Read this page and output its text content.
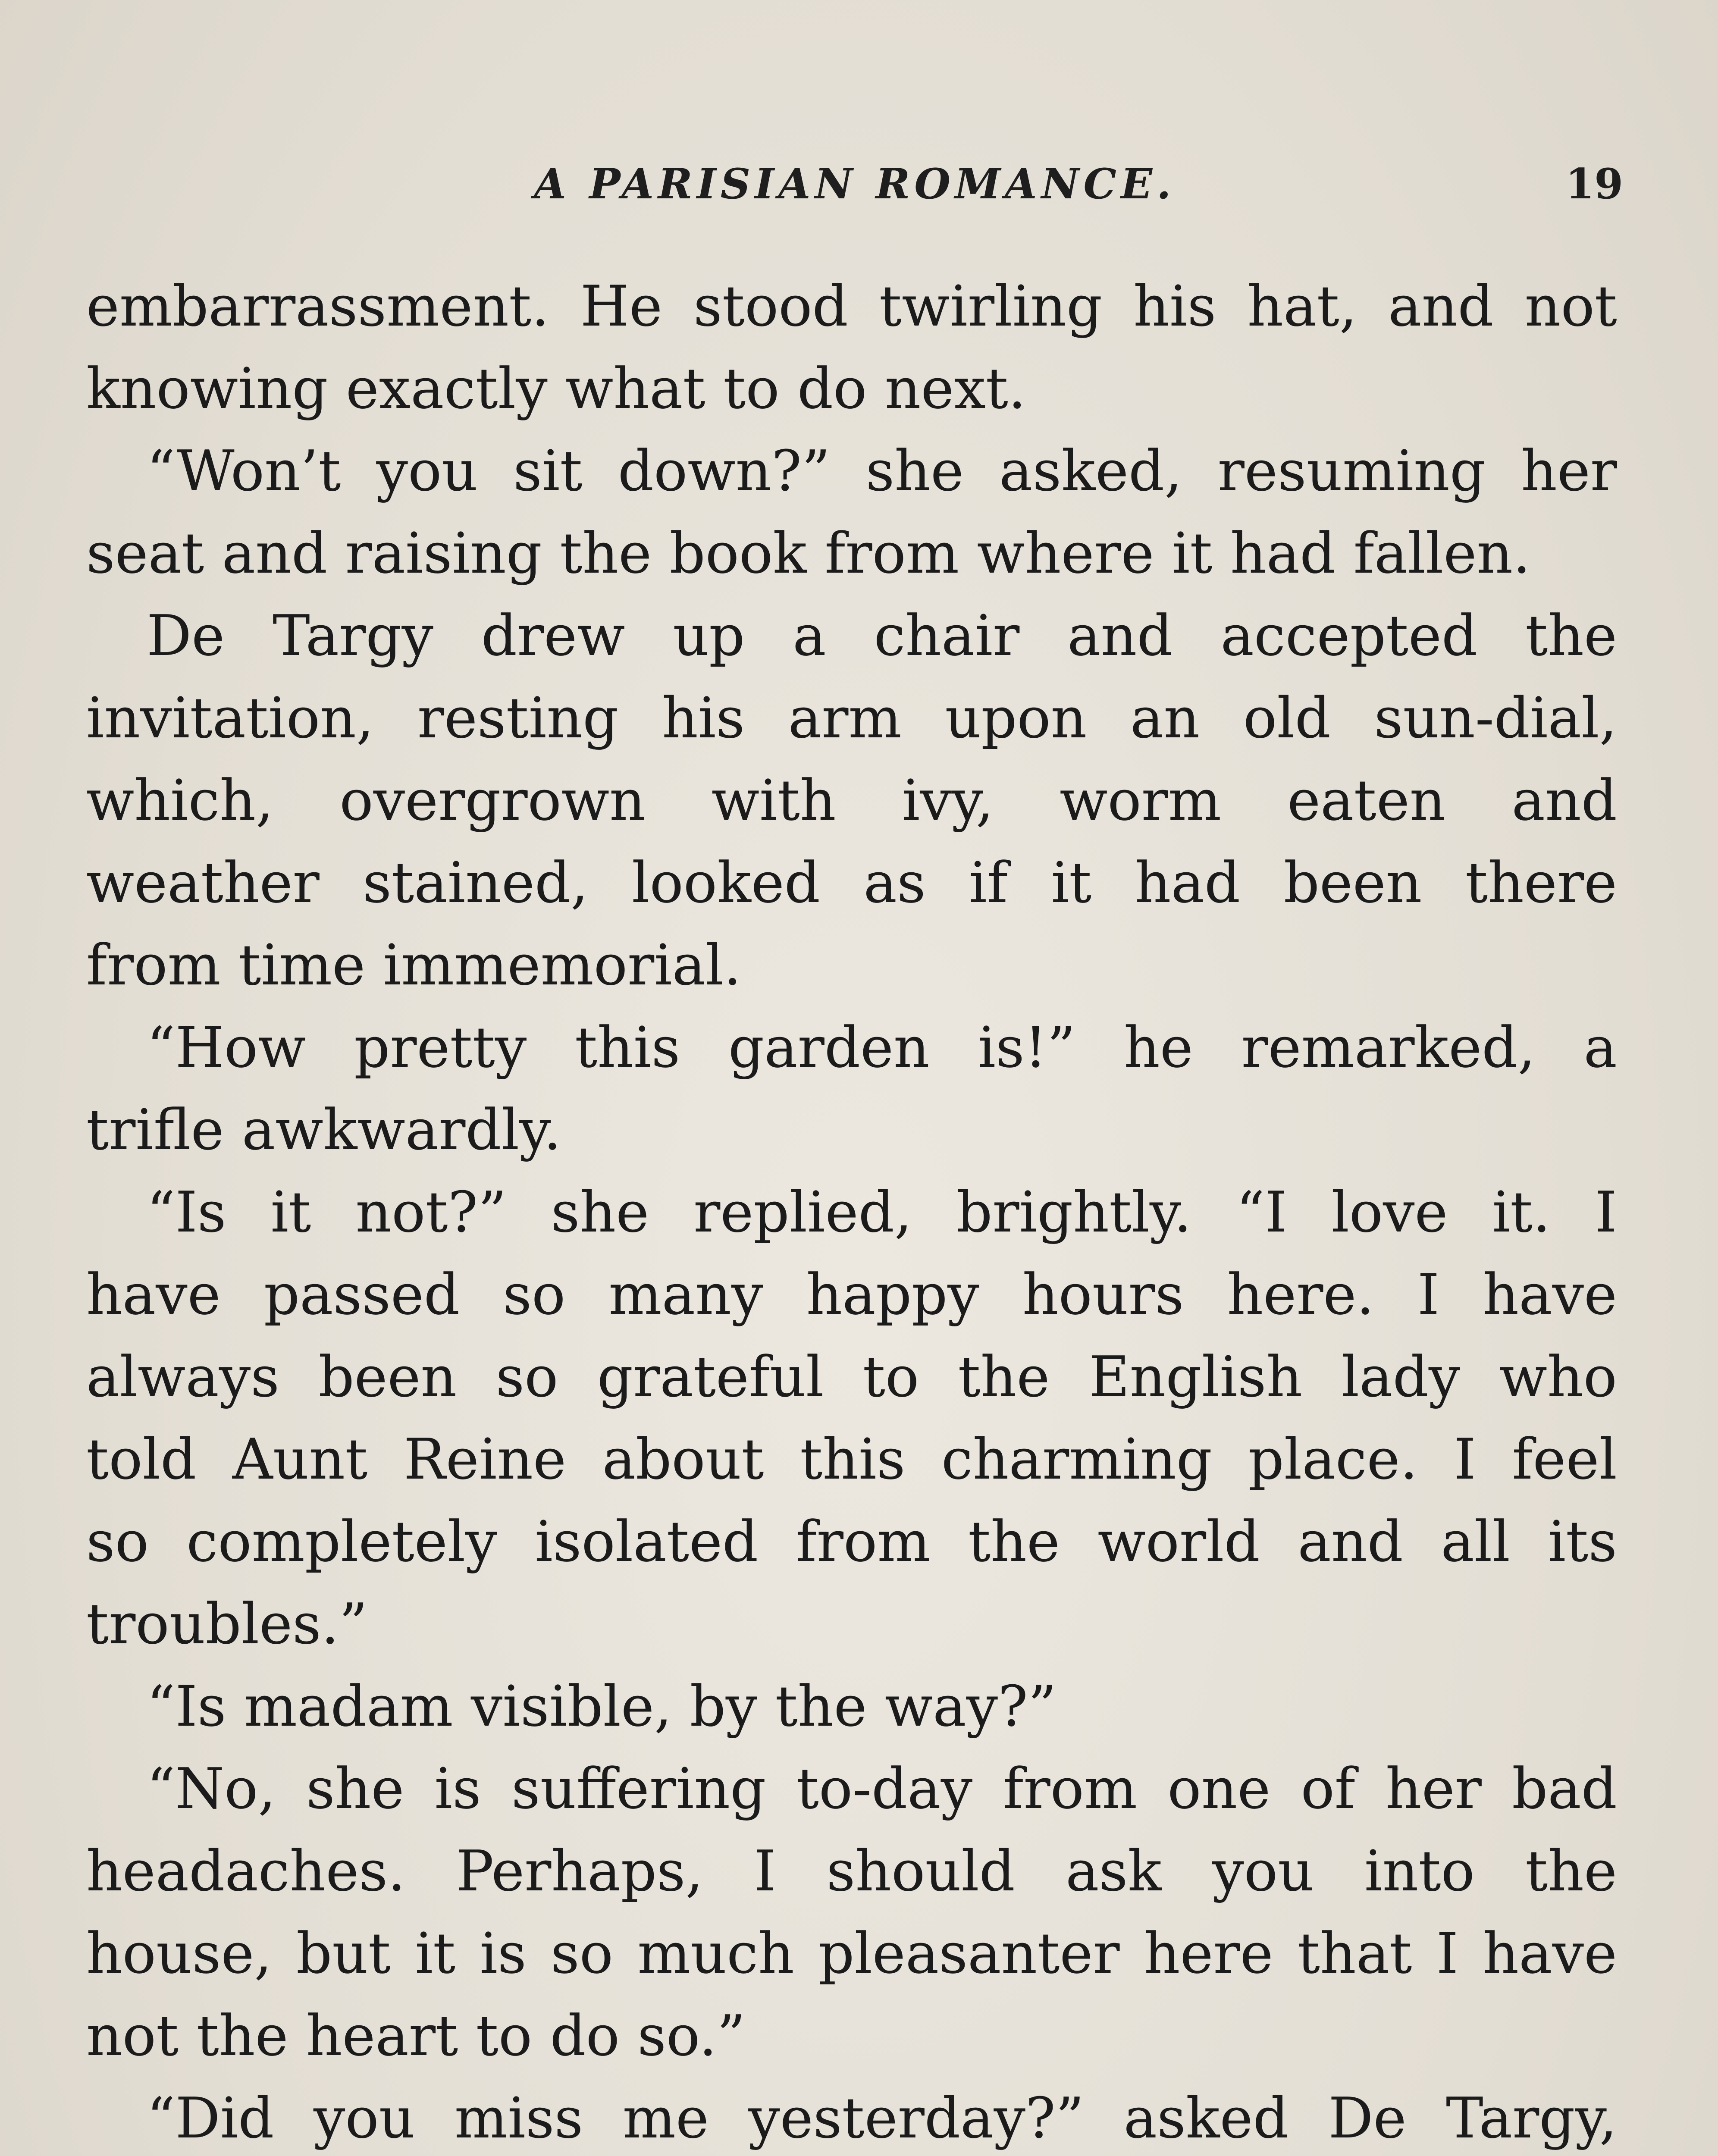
A PARISIAN ROMANCE.	19
embarrassment. He stood twirling his hat, and not
knowing exactly what to do next.
“Won’t you sit down?” she asked, resuming her
seat and raising the book from where it had fallen.
De Targy drew up a chair and accepted the
invitation, resting his arm upon an old sun-dial,
which, overgrown with ivy, worm eaten and
weather stained, looked as if it had been there
from time immemorial.
“How pretty this garden is!” he remarked, a
trifle awkwardly.
“Is it not?” she replied, brightly. “I love it. I
have passed so many happy hours here. I have
always been so grateful to the English lady who
told Aunt Reine about this charming place. I feel
so completely isolated from the world and all its
troubles.”
“Is madam visible, by the way?”
“No, she is suffering to-day from one of her bad
headaches. Perhaps, I should ask you into the
house, but it is so much pleasanter here that I have
not the heart to do so.”
“Did you miss me yesterday?” asked De Targy,
